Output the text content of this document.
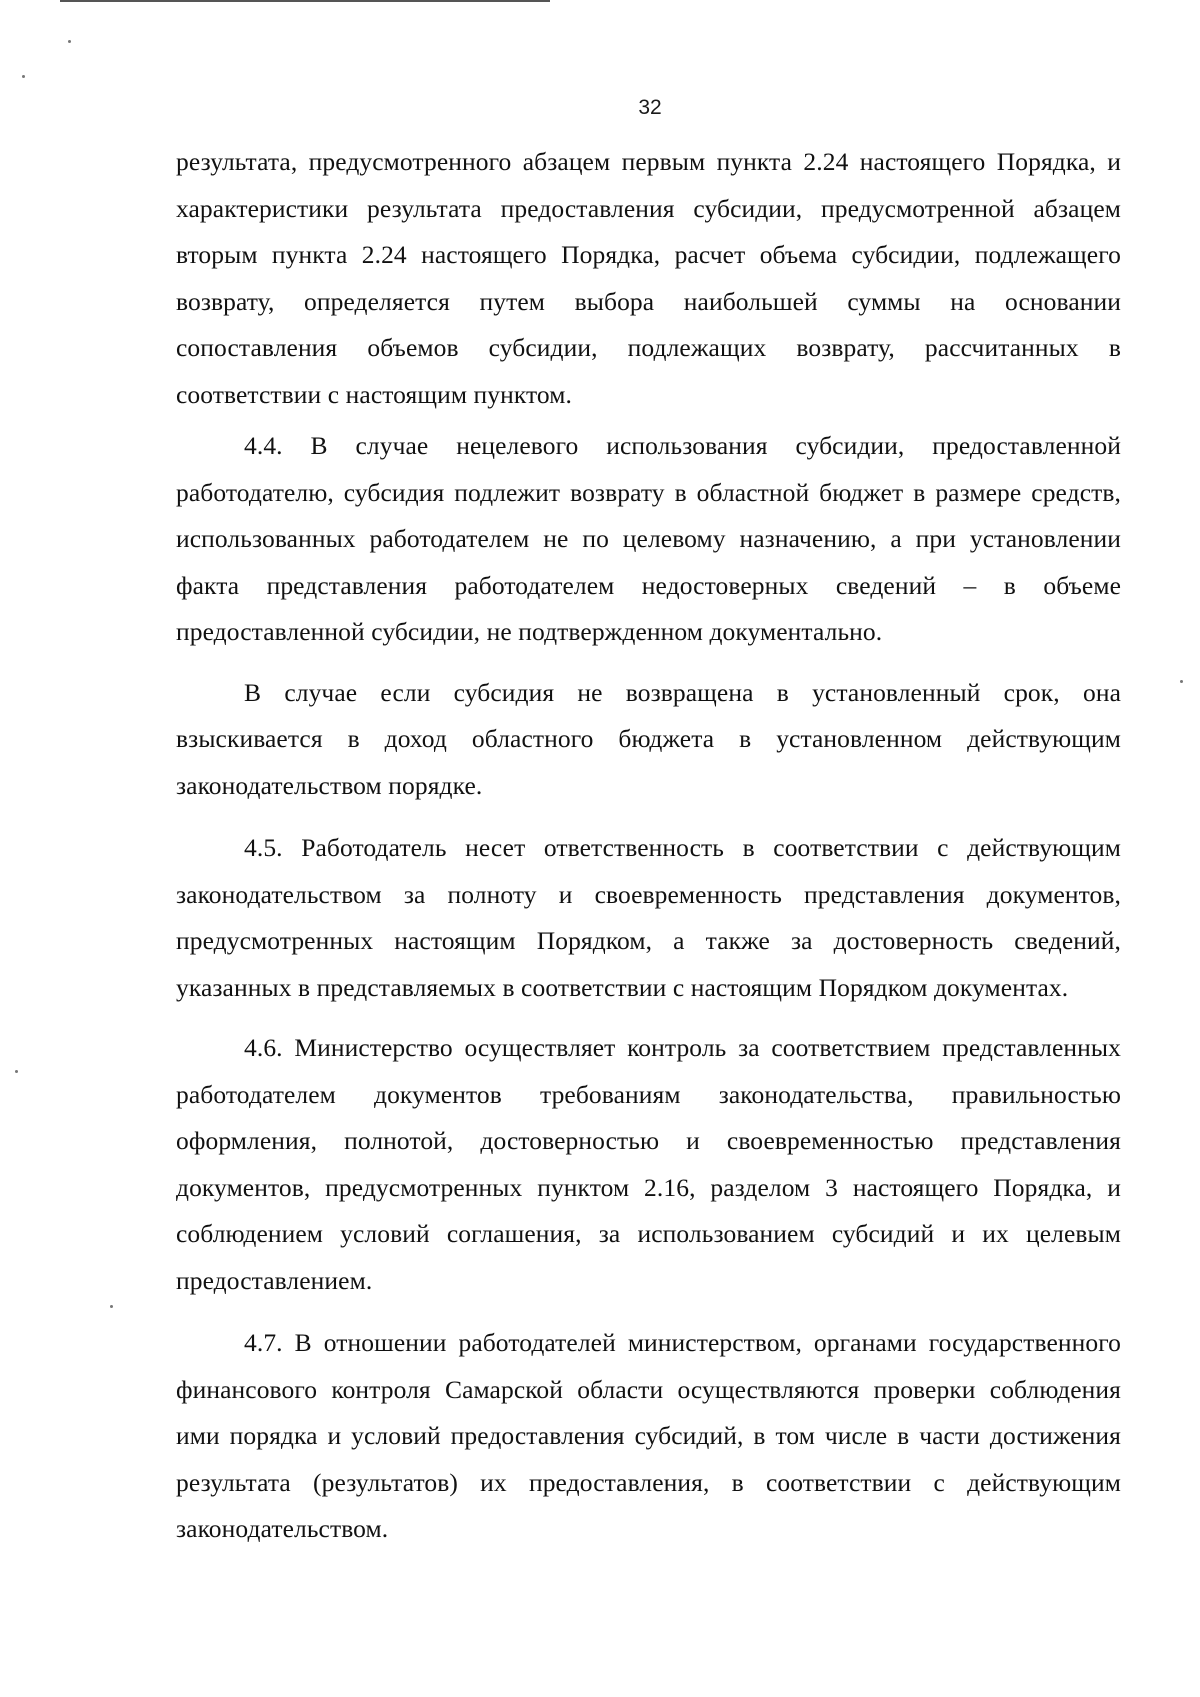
32

результата, предусмотренного абзацем первым пункта 2.24 настоящего Порядка, и характеристики результата предоставления субсидии, предусмотренной абзацем вторым пункта 2.24 настоящего Порядка, расчет объема субсидии, подлежащего возврату, определяется путем выбора наибольшей суммы на основании сопоставления объемов субсидии, подлежащих возврату, рассчитанных в соответствии с настоящим пунктом.

4.4. В случае нецелевого использования субсидии, предоставленной работодателю, субсидия подлежит возврату в областной бюджет в размере средств, использованных работодателем не по целевому назначению, а при установлении факта представления работодателем недостоверных сведений – в объеме предоставленной субсидии, не подтвержденном документально.

В случае если субсидия не возвращена в установленный срок, она взыскивается в доход областного бюджета в установленном действующим законодательством порядке.

4.5. Работодатель несет ответственность в соответствии с действующим законодательством за полноту и своевременность представления документов, предусмотренных настоящим Порядком, а также за достоверность сведений, указанных в представляемых в соответствии с настоящим Порядком документах.

4.6. Министерство осуществляет контроль за соответствием представленных работодателем документов требованиям законодательства, правильностью оформления, полнотой, достоверностью и своевременностью представления документов, предусмотренных пунктом 2.16, разделом 3 настоящего Порядка, и соблюдением условий соглашения, за использованием субсидий и их целевым предоставлением.

4.7. В отношении работодателей министерством, органами государственного финансового контроля Самарской области осуществляются проверки соблюдения ими порядка и условий предоставления субсидий, в том числе в части достижения результата (результатов) их предоставления, в соответствии с действующим законодательством.
